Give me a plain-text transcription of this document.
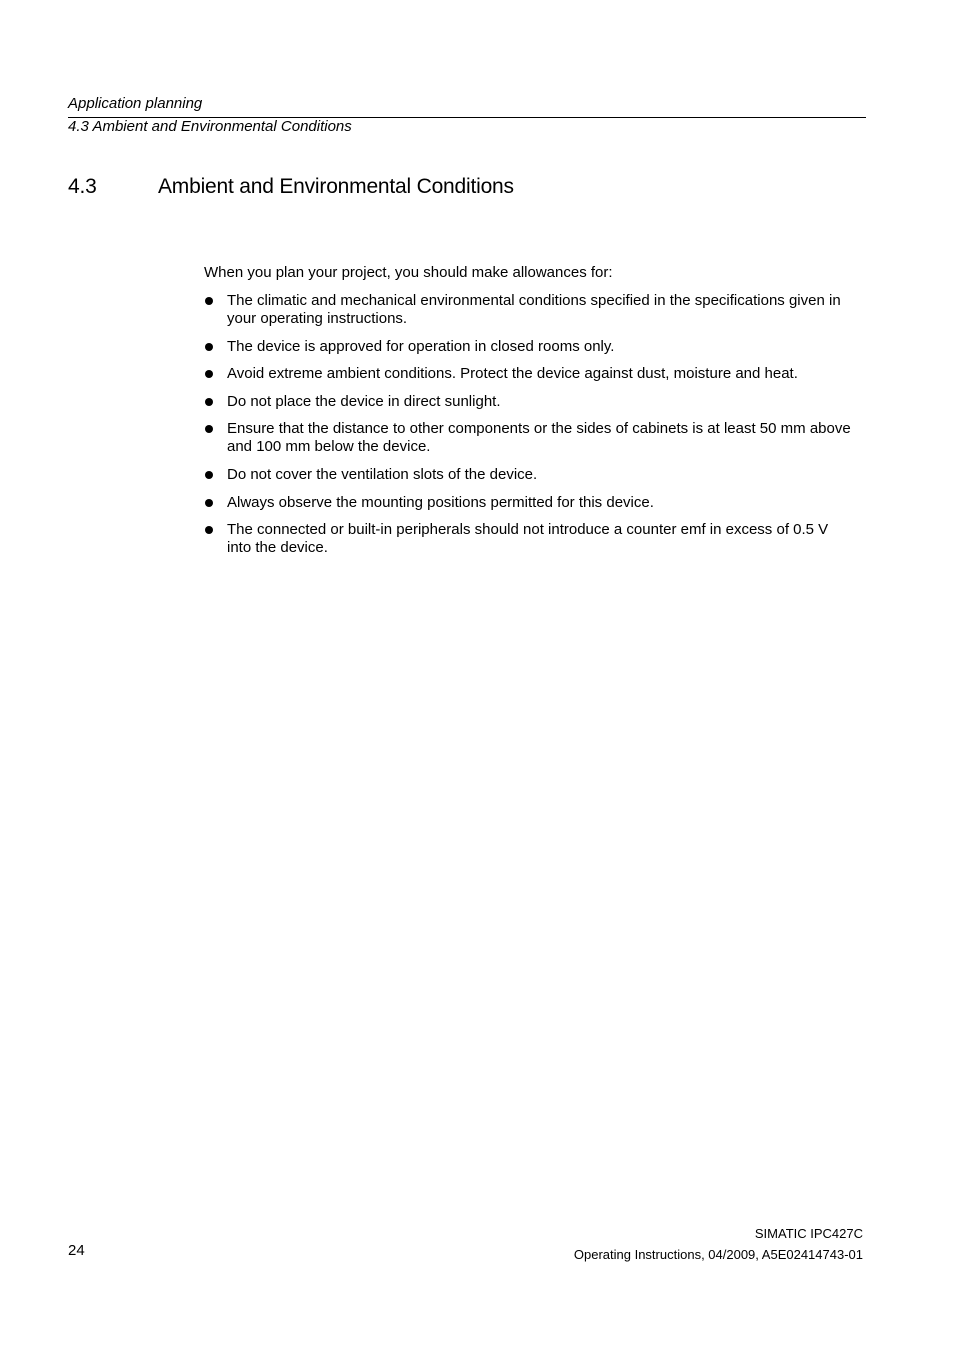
Application planning
4.3 Ambient and Environmental Conditions
4.3	Ambient and Environmental Conditions

When you plan your project, you should make allowances for:

The climatic and mechanical environmental conditions specified in the specifications given in your operating instructions.
The device is approved for operation in closed rooms only.
Avoid extreme ambient conditions. Protect the device against dust, moisture and heat.
Do not place the device in direct sunlight.
Ensure that the distance to other components or the sides of cabinets is at least 50 mm above and 100 mm below the device.
Do not cover the ventilation slots of the device.
Always observe the mounting positions permitted for this device.
The connected or built-in peripherals should not introduce a counter emf in excess of 0.5 V into the device.
24
SIMATIC IPC427C
Operating Instructions, 04/2009, A5E02414743-01
